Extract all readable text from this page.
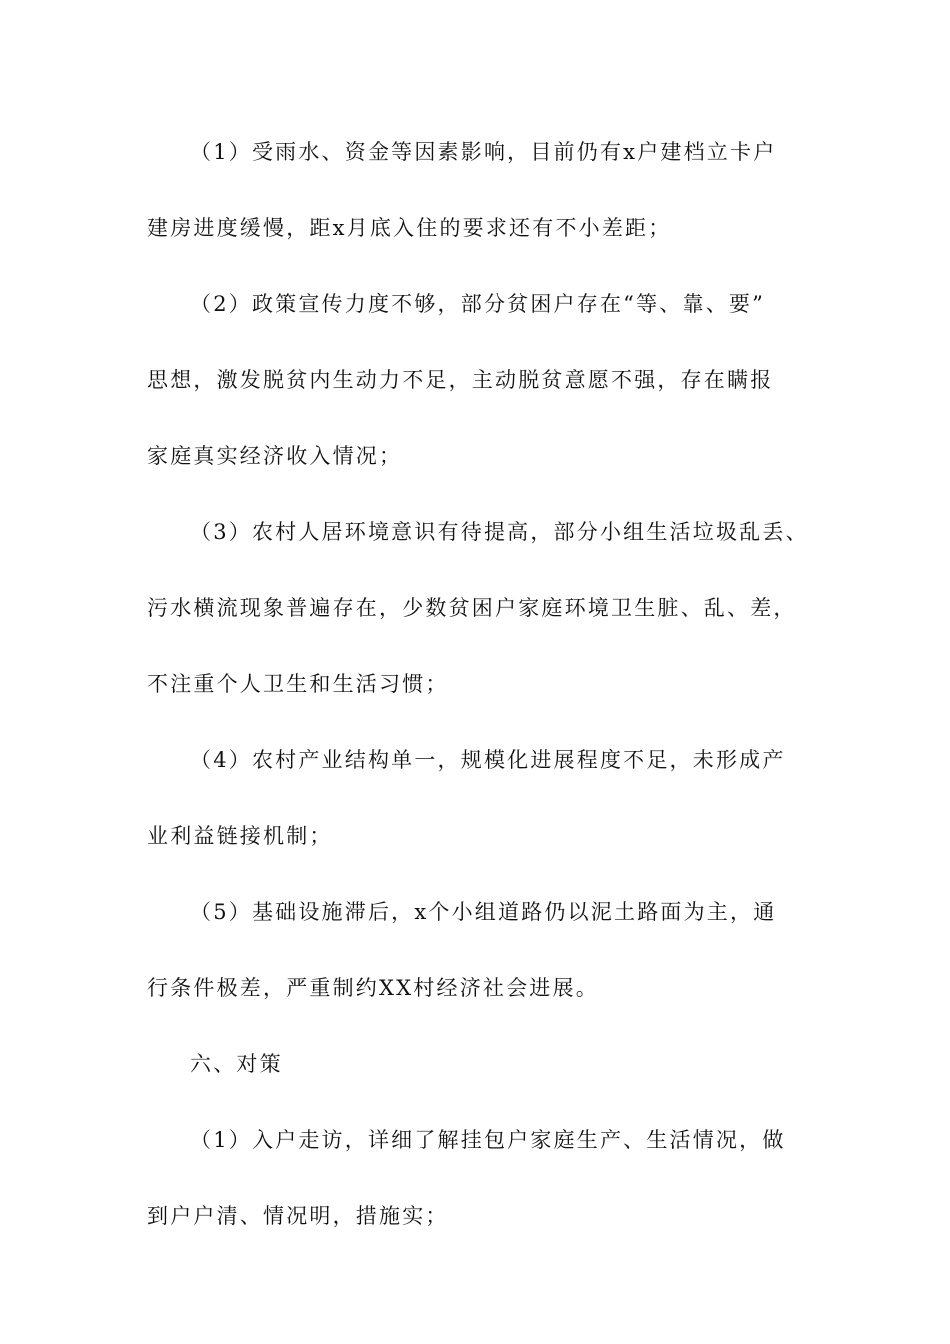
（1）受雨水、资金等因素影响，目前仍有x户建档立卡户
建房进度缓慢，距x月底入住的要求还有不小差距；
（2）政策宣传力度不够，部分贫困户存在“等、靠、要”
思想，激发脱贫内生动力不足，主动脱贫意愿不强，存在瞒报
家庭真实经济收入情况；
（3）农村人居环境意识有待提高，部分小组生活垃圾乱丢、
污水横流现象普遍存在，少数贫困户家庭环境卫生脏、乱、差，
不注重个人卫生和生活习惯；
（4）农村产业结构单一，规模化进展程度不足，未形成产
业利益链接机制；
（5）基础设施滞后，x个小组道路仍以泥土路面为主，通
行条件极差，严重制约XX村经济社会进展。
六、对策
（1）入户走访，详细了解挂包户家庭生产、生活情况，做
到户户清、情况明，措施实；
